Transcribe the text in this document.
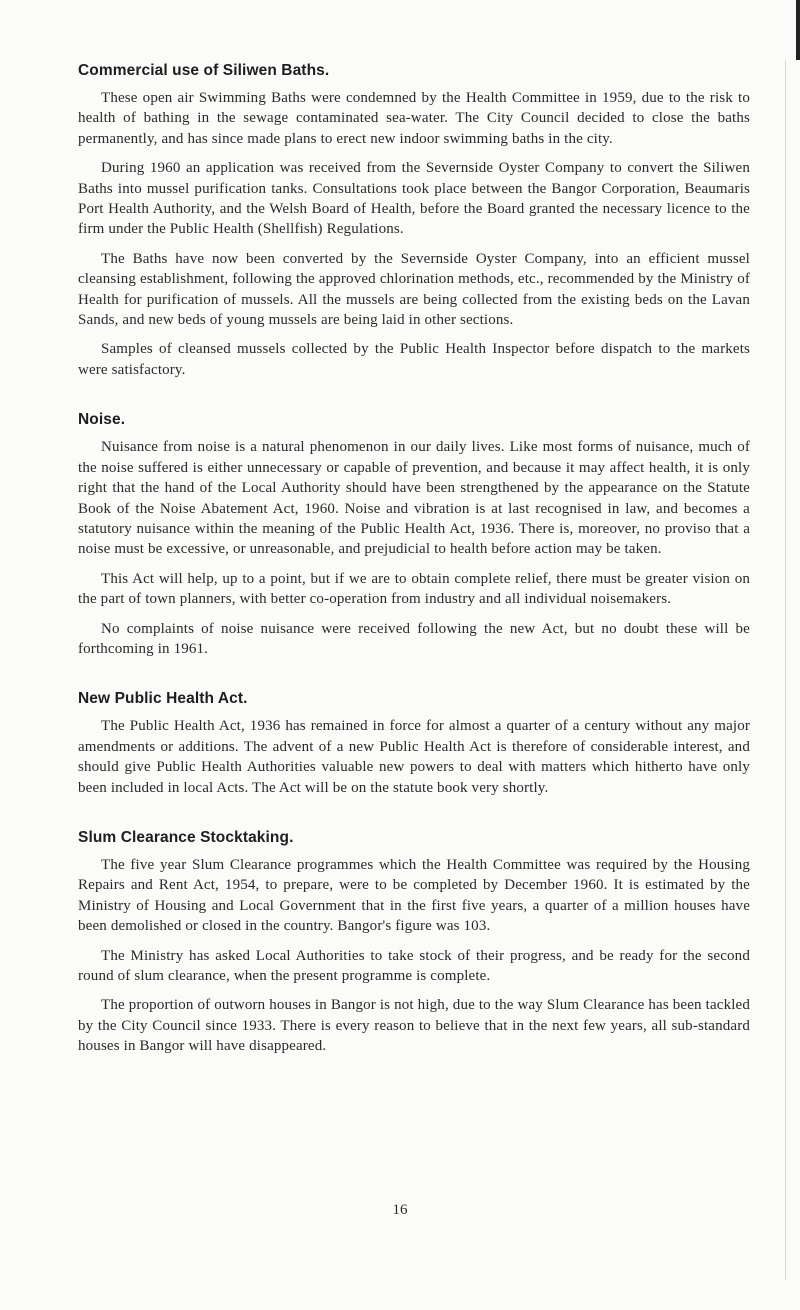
Commercial use of Siliwen Baths.

These open air Swimming Baths were condemned by the Health Committee in 1959, due to the risk to health of bathing in the sewage contaminated sea-water. The City Council decided to close the baths permanently, and has since made plans to erect new indoor swimming baths in the city.

During 1960 an application was received from the Severnside Oyster Company to convert the Siliwen Baths into mussel purification tanks. Consultations took place between the Bangor Corporation, Beaumaris Port Health Authority, and the Welsh Board of Health, before the Board granted the necessary licence to the firm under the Public Health (Shellfish) Regulations.

The Baths have now been converted by the Severnside Oyster Company, into an efficient mussel cleansing establishment, following the approved chlorination methods, etc., recommended by the Ministry of Health for purification of mussels. All the mussels are being collected from the existing beds on the Lavan Sands, and new beds of young mussels are being laid in other sections.

Samples of cleansed mussels collected by the Public Health Inspector before dispatch to the markets were satisfactory.

Noise.

Nuisance from noise is a natural phenomenon in our daily lives. Like most forms of nuisance, much of the noise suffered is either unnecessary or capable of prevention, and because it may affect health, it is only right that the hand of the Local Authority should have been strengthened by the appearance on the Statute Book of the Noise Abatement Act, 1960. Noise and vibration is at last recognised in law, and becomes a statutory nuisance within the meaning of the Public Health Act, 1936. There is, moreover, no proviso that a noise must be excessive, or unreasonable, and prejudicial to health before action may be taken.

This Act will help, up to a point, but if we are to obtain complete relief, there must be greater vision on the part of town planners, with better co-operation from industry and all individual noisemakers.

No complaints of noise nuisance were received following the new Act, but no doubt these will be forthcoming in 1961.

New Public Health Act.

The Public Health Act, 1936 has remained in force for almost a quarter of a century without any major amendments or additions. The advent of a new Public Health Act is therefore of considerable interest, and should give Public Health Authorities valuable new powers to deal with matters which hitherto have only been included in local Acts. The Act will be on the statute book very shortly.

Slum Clearance Stocktaking.

The five year Slum Clearance programmes which the Health Committee was required by the Housing Repairs and Rent Act, 1954, to prepare, were to be completed by December 1960. It is estimated by the Ministry of Housing and Local Government that in the first five years, a quarter of a million houses have been demolished or closed in the country. Bangor's figure was 103.

The Ministry has asked Local Authorities to take stock of their progress, and be ready for the second round of slum clearance, when the present programme is complete.

The proportion of outworn houses in Bangor is not high, due to the way Slum Clearance has been tackled by the City Council since 1933. There is every reason to believe that in the next few years, all sub-standard houses in Bangor will have disappeared.

16
